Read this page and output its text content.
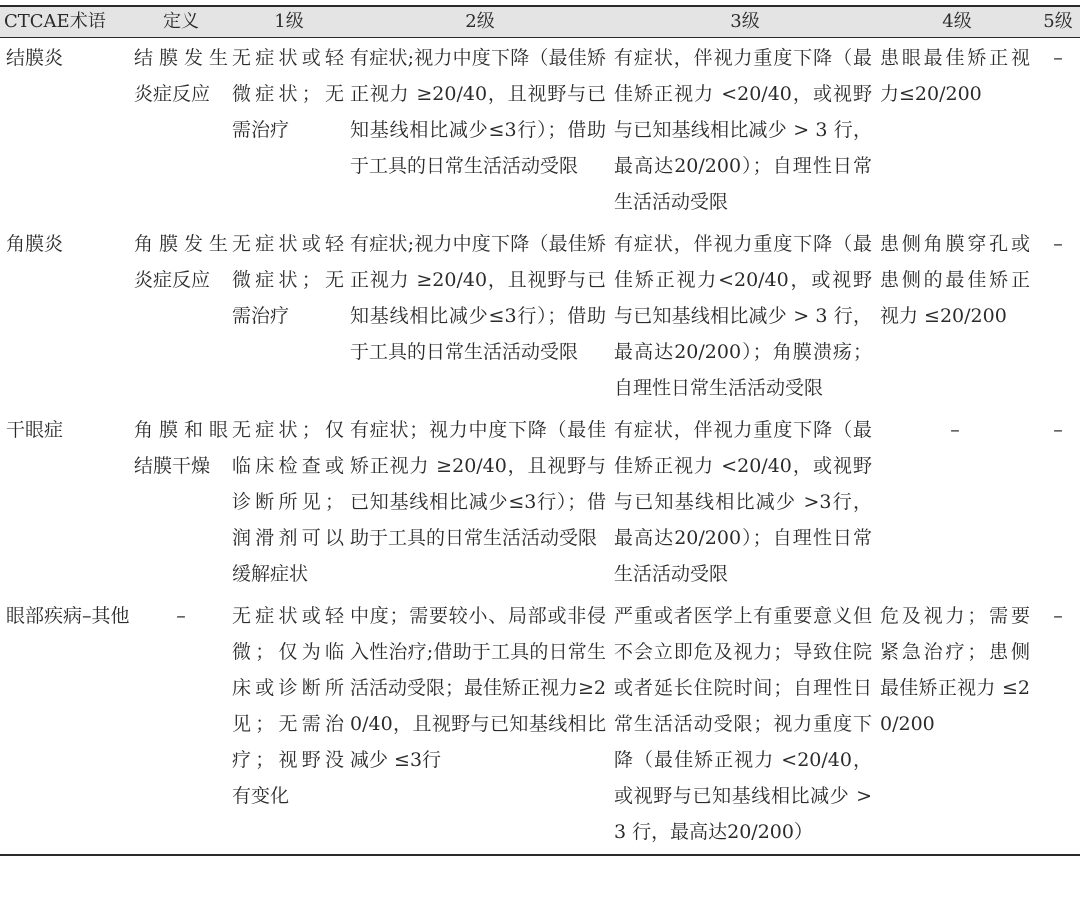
CTCAE术语	定义	1级	2级	3级	4级	5级
结膜炎	结膜发生炎症反应	无症状或轻微症状；无需治疗	有症状;视力中度下降（最佳矫正视力 ≥20/40，且视野与已知基线相比减少≤3行）；借助于工具的日常生活活动受限	有症状，伴视力重度下降（最佳矫正视力 <20/40，或视野与已知基线相比减少 > 3 行，最高达20/200）；自理性日常生活活动受限	患眼最佳矫正视力≤20/200	–
角膜炎	角膜发生炎症反应	无症状或轻微症状；无需治疗	有症状;视力中度下降（最佳矫正视力 ≥20/40，且视野与已知基线相比减少≤3行）；借助于工具的日常生活活动受限	有症状，伴视力重度下降（最佳矫正视力<20/40，或视野与已知基线相比减少 > 3 行，最高达20/200）；角膜溃疡；自理性日常生活活动受限	患侧角膜穿孔或患侧的最佳矫正视力 ≤20/200	–
干眼症	角膜和眼结膜干燥	无症状；仅临床检查或诊断所见；润滑剂可以缓解症状	有症状；视力中度下降（最佳矫正视力 ≥20/40，且视野与已知基线相比减少≤3行）；借助于工具的日常生活活动受限	有症状，伴视力重度下降（最佳矫正视力 <20/40，或视野与已知基线相比减少 >3行，最高达20/200）；自理性日常生活活动受限	–	–
眼部疾病–其他	–	无症状或轻微；仅为临床或诊断所见；无需治疗；视野没有变化	中度；需要较小、局部或非侵入性治疗;借助于工具的日常生活活动受限；最佳矫正视力≥20/40，且视野与已知基线相比减少 ≤3行	严重或者医学上有重要意义但不会立即危及视力；导致住院或者延长住院时间；自理性日常生活活动受限；视力重度下降（最佳矫正视力 <20/40，或视野与已知基线相比减少 >3 行，最高达20/200）	危及视力；需要紧急治疗；患侧最佳矫正视力 ≤20/200	–
